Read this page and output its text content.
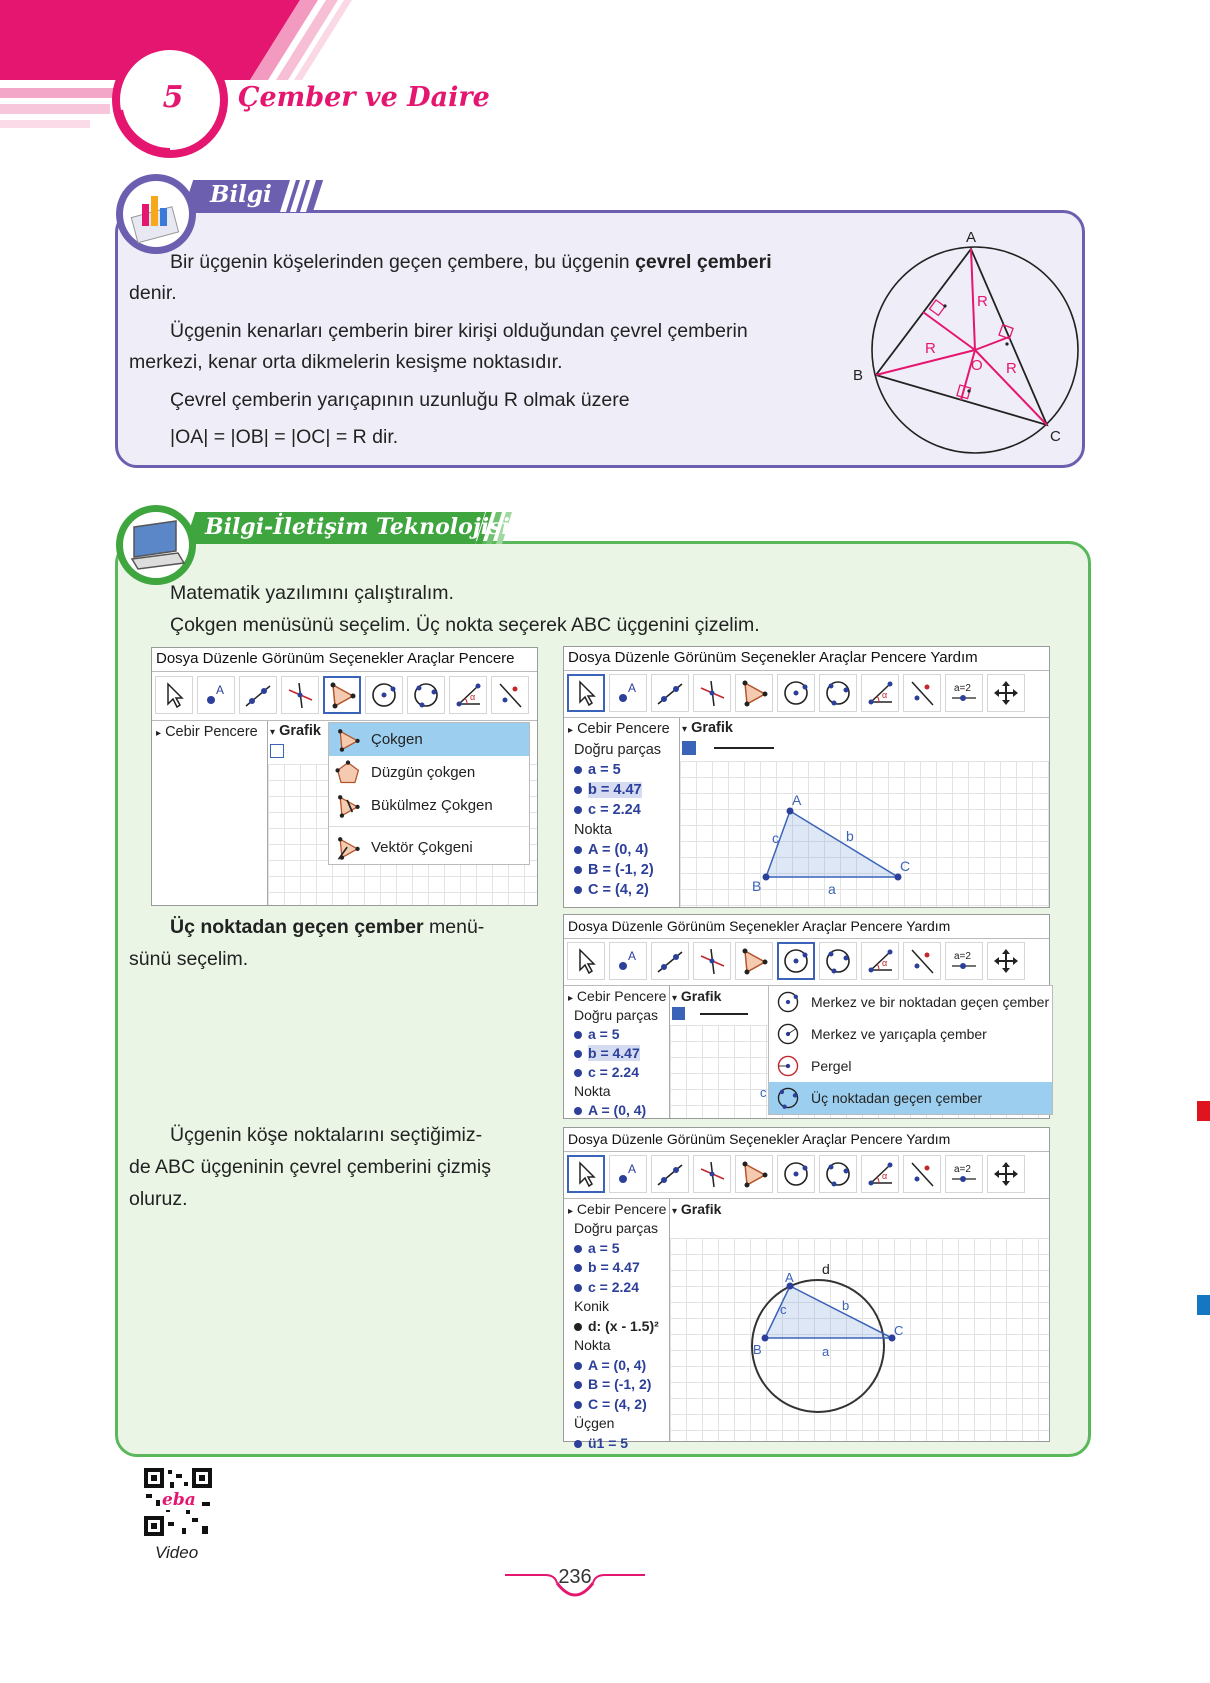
5 Çember ve Daire
Bilgi
Bir üçgenin köşelerinden geçen çembere, bu üçgenin çevrel çemberi
denir.
Üçgenin kenarları çemberin birer kirişi olduğundan çevrel çemberin
merkezi, kenar orta dikmelerin kesişme noktasıdır.
Çevrel çemberin yarıçapının uzunluğu R olmak üzere
|OA| = |OB| = |OC| = R dir.
A
B
C
O
R
R
R
Bilgi-İletişim Teknolojisi
Matematik yazılımını çalıştıralım.
Çokgen menüsünü seçelim. Üç nokta seçerek ABC üçgenini çizelim.
Üç noktadan geçen çember menü-
sünü seçelim.
Üçgenin köşe noktalarını seçtiğimiz-
de ABC üçgeninin çevrel çemberini çizmiş
oluruz.
Dosya Düzenle Görünüm Seçenekler Araçlar Pencere
▸ Cebir Pencere	▾ Grafik	Çokgen
Düzgün çokgen
Bükülmez Çokgen
Vektör Çokgeni
Dosya Düzenle Görünüm Seçenekler Araçlar Pencere Yardım
▸ Cebir Pencere
Doğru parças
a = 5
b = 4.47
c = 2.24
Nokta
A = (0, 4)
B = (-1, 2)
C = (4, 2)
▾ Grafik
A
B
C
a
b
c
Dosya Düzenle Görünüm Seçenekler Araçlar Pencere Yardım
▸ Cebir Pencere
Doğru parças
a = 5
b = 4.47
c = 2.24
Nokta
A = (0, 4)
▾ Grafik
c
Merkez ve bir noktadan geçen çember
Merkez ve yarıçapla çember
Pergel
Üç noktadan geçen çember
Dosya Düzenle Görünüm Seçenekler Araçlar Pencere Yardım
▸ Cebir Pencere
Doğru parças
a = 5
b = 4.47
c = 2.24
Konik
d: (x - 1.5)²
Nokta
A = (0, 4)
B = (-1, 2)
C = (4, 2)
Üçgen
ü1 = 5
▾ Grafik
A
B
C
a
b
c
d
eba
Video
236
